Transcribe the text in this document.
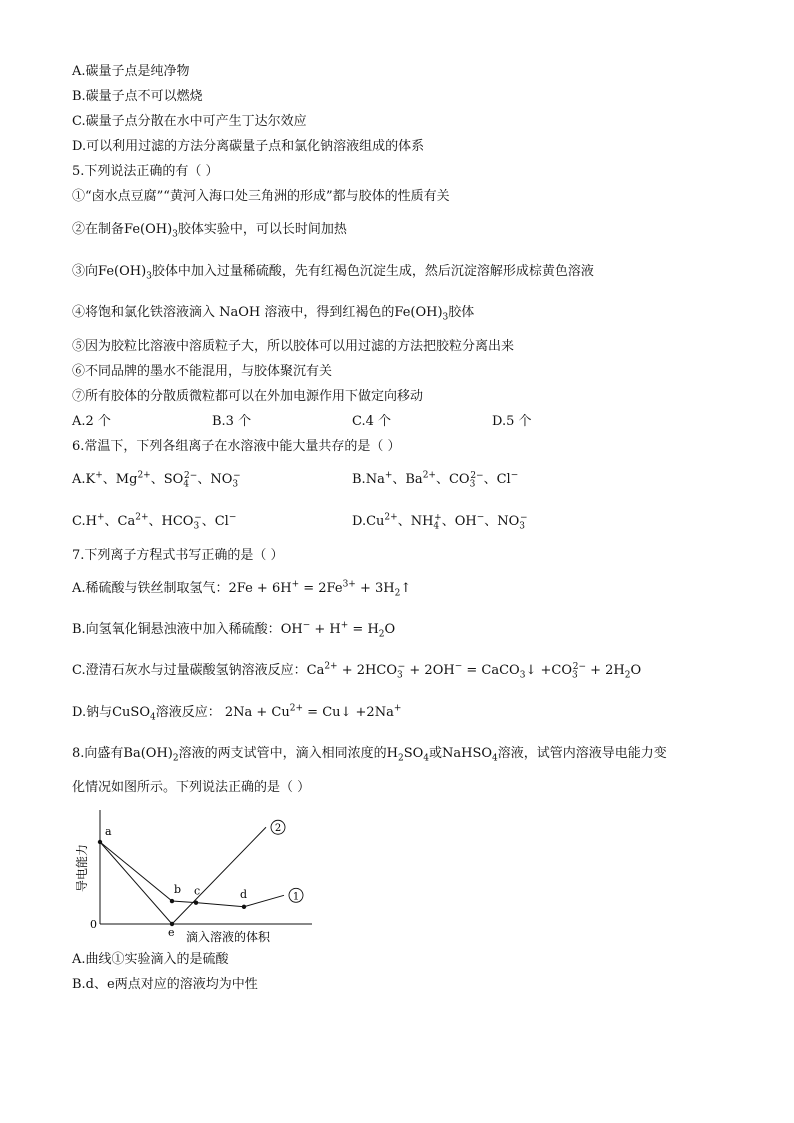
A.碳量子点是纯净物
B.碳量子点不可以燃烧
C.碳量子点分散在水中可产生丁达尔效应
D.可以利用过滤的方法分离碳量子点和氯化钠溶液组成的体系
5.下列说法正确的有（ ）
①“卤水点豆腐”“黄河入海口处三角洲的形成”都与胶体的性质有关
②在制备$Fe(OH)_3$胶体实验中，可以长时间加热
③向$Fe(OH)_3$胶体中加入过量稀硫酸，先有红褐色沉淀生成，然后沉淀溶解形成棕黄色溶液
④将饱和氯化铁溶液滴入 NaOH 溶液中，得到红褐色的$Fe(OH)_3$胶体
⑤因为胶粒比溶液中溶质粒子大，所以胶体可以用过滤的方法把胶粒分离出来
⑥不同品牌的墨水不能混用，与胶体聚沉有关
⑦所有胶体的分散质微粒都可以在外加电源作用下做定向移动
A.2 个	B.3 个	C.4 个	D.5 个
6.常温下，下列各组离子在水溶液中能大量共存的是（ ）
A.K+、$Mg^{2+}$、$SO_4^{2-}$、$NO_3^-$	B.Na+、$Ba^{2+}$、$CO_3^{2-}$、Cl−
C.H+、$Ca^{2+}$、$HCO_3^-$、Cl−	$D.Cu^{2+}$、$NH_4^+$、OH−、$NO_3^-$
7.下列离子方程式书写正确的是（ ）
A.稀硫酸与铁丝制取氢气：$2Fe + 6H^+ = 2Fe^{3+}$ + $3H_2↑$
B.向氢氧化铜悬浊液中加入稀硫酸：$OH^- + H^+ = H_2O$
C.澄清石灰水与过量碳酸氢钠溶液反应：$Ca^{2+} + 2HCO_3^- + 2OH^-$ = CaCO$_3$↓ $+CO_3^{2-} + 2H_2O$
D.钠与CuSO$_4$溶液反应： $2Na + Cu^{2+}$ = Cu↓ +2Na+
8.向盛有$Ba(OH)_2$溶液的两支试管中，滴入相同浓度的$H_2SO_4$或NaHSO$_4$溶液，试管内溶液导电能力变
化情况如图所示。下列说法正确的是（ ）
滴入溶液的体积
导电能力
0
a
b c	d	1
e
2
A.曲线①实验滴入的是硫酸
B.d、e两点对应的溶液均为中性
